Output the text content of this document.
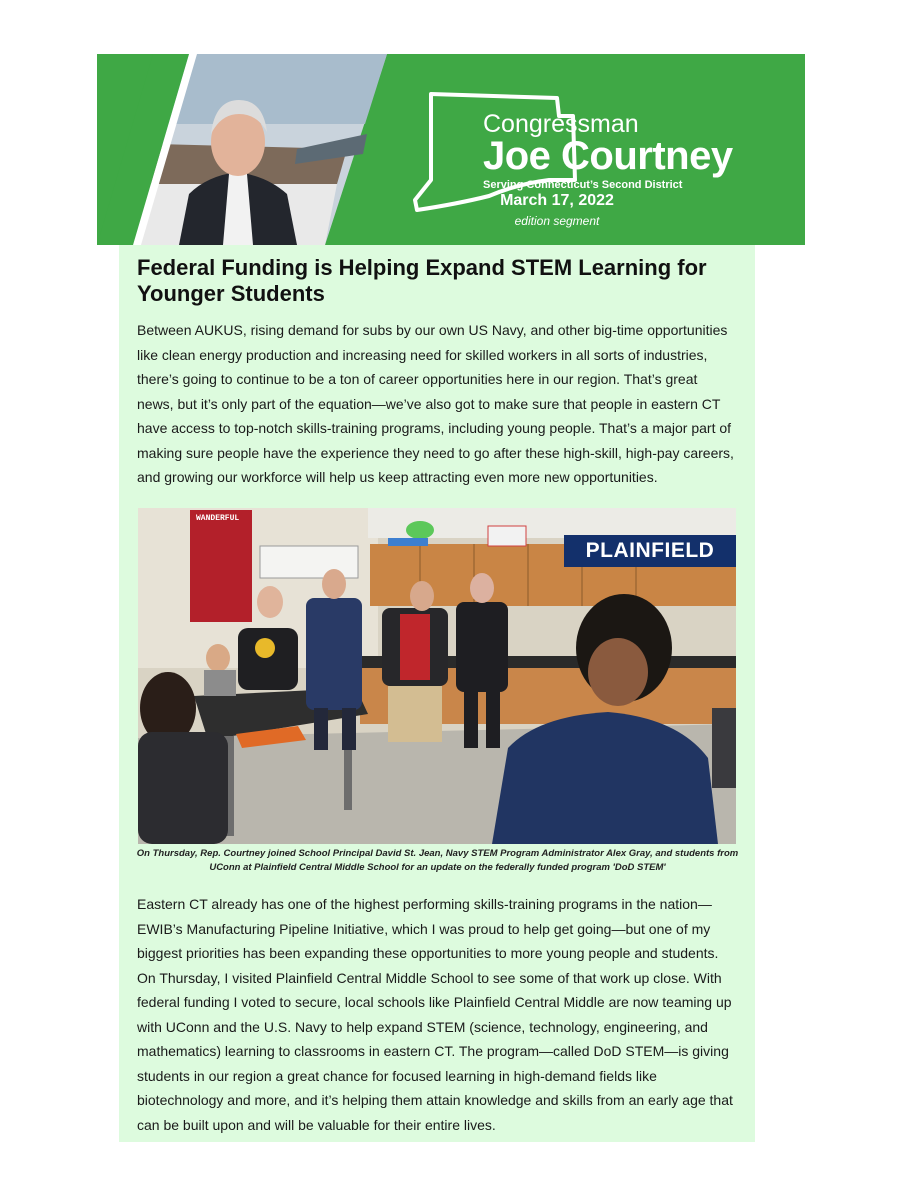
Congressman
Joe Courtney
Serving Connecticut’s Second District
March 17, 2022
edition segment
Federal Funding is Helping Expand STEM Learning for Younger Students

Between AUKUS, rising demand for subs by our own US Navy, and other big-time opportunities like clean energy production and increasing need for skilled workers in all sorts of industries, there’s going to continue to be a ton of career opportunities here in our region. That’s great news, but it’s only part of the equation—we’ve also got to make sure that people in eastern CT have access to top-notch skills-training programs, including young people. That’s a major part of making sure people have the experience they need to go after these high-skill, high-pay careers, and growing our workforce will help us keep attracting even more new opportunities.

WANDERFUL
PLAINFIELD

On Thursday, Rep. Courtney joined School Principal David St. Jean, Navy STEM Program Administrator Alex Gray, and students from UConn at Plainfield Central Middle School for an update on the federally funded program 'DoD STEM'

Eastern CT already has one of the highest performing skills-training programs in the nation—EWIB’s Manufacturing Pipeline Initiative, which I was proud to help get going—but one of my biggest priorities has been expanding these opportunities to more young people and students. On Thursday, I visited Plainfield Central Middle School to see some of that work up close. With federal funding I voted to secure, local schools like Plainfield Central Middle are now teaming up with UConn and the U.S. Navy to help expand STEM (science, technology, engineering, and mathematics) learning to classrooms in eastern CT. The program—called DoD STEM—is giving students in our region a great chance for focused learning in high-demand fields like biotechnology and more, and it’s helping them attain knowledge and skills from an early age that can be built upon and will be valuable for their entire lives.
